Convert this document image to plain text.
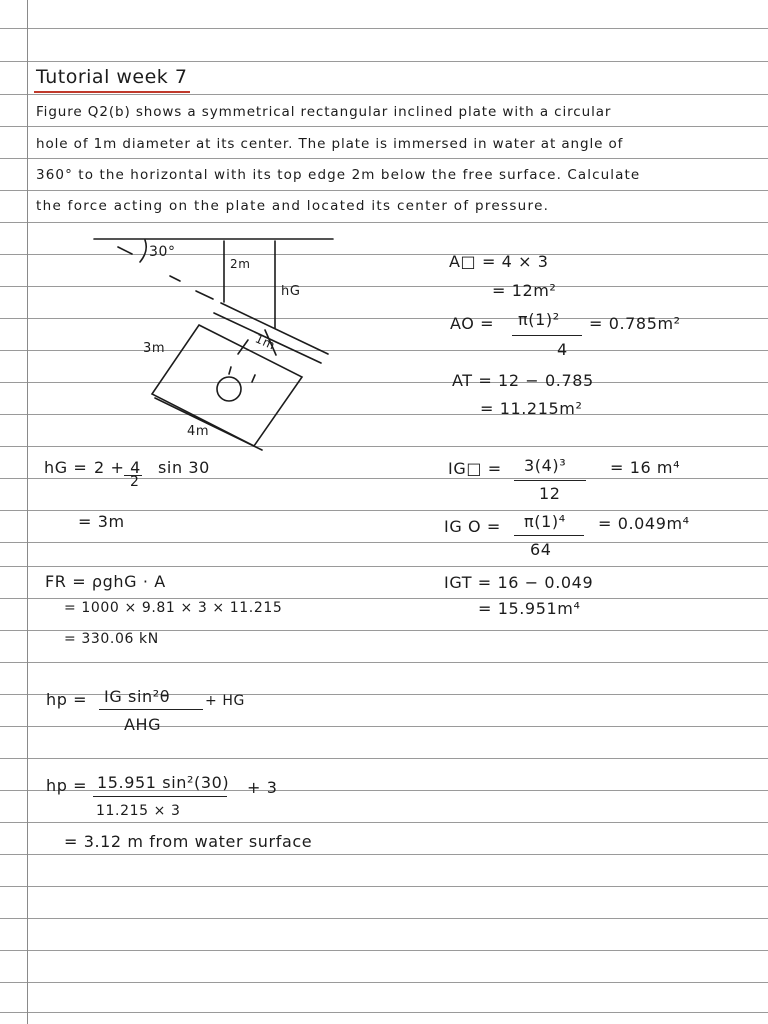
Tutorial week 7
Figure Q2(b) shows a symmetrical rectangular inclined plate with a circular
hole of 1m diameter at its center. The plate is immersed in water at angle of
360° to the horizontal with its top edge 2m below the free surface. Calculate
the force acting on the plate and located its center of pressure.
30°
2m
hG
3m	1m
4m
A□ = 4 × 3
= 12m²
AO = π(1)²
4
= 0.785m²
AT = 12 − 0.785
= 11.215m²
IG□ = 3(4)³
12
= 16 m⁴
IG O = π(1)⁴
64
= 0.049m⁴
IGT = 16 − 0.049
= 15.951m⁴
hG = 2 + 4
2
sin 30
= 3m
FR = ρghG · A
= 1000 × 9.81 × 3 × 11.215
= 330.06 kN
hp = IG sin²θ
AHG
+ HG
hp = 15.951 sin²(30)
11.215 × 3
+ 3
= 3.12 m from water surface
